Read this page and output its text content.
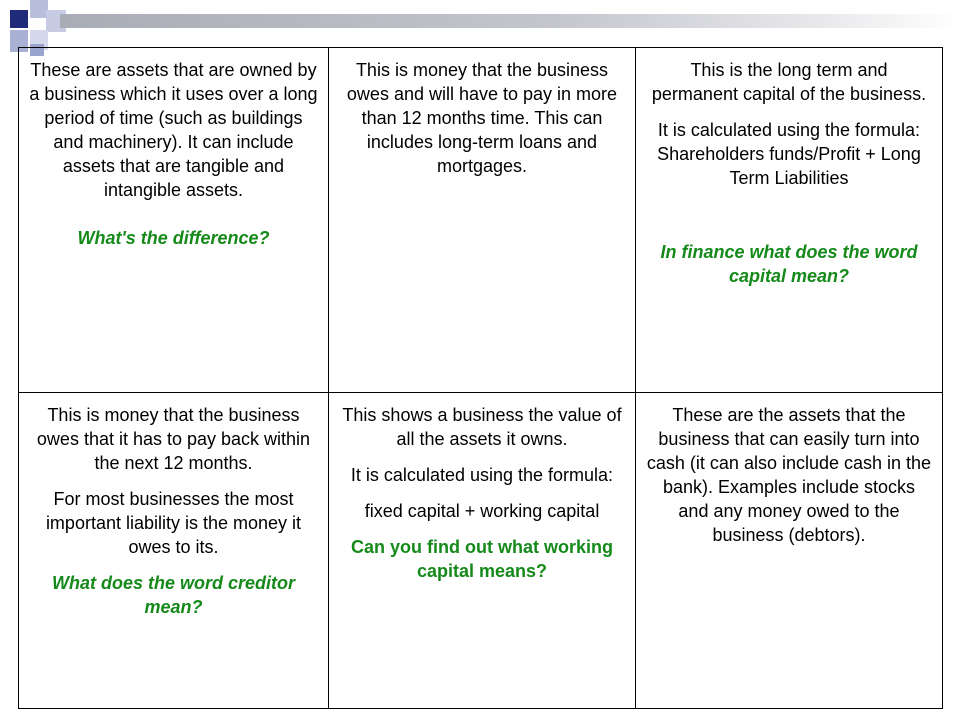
These are assets that are owned by a business which it uses over a long period of time (such as buildings and machinery). It can include assets that are tangible and intangible assets.

What's the difference?

This is money that the business owes and will have to pay in more than 12 months time. This can includes long-term loans and mortgages.

This is the long term and permanent capital of the business.

It is calculated using the formula:

Shareholders funds/Profit + Long Term Liabilities

In finance what does the word capital mean?

This is money that the business owes that it has to pay back within the next 12 months.

For most businesses the most important liability is the money it owes to its.

What does the word creditor mean?

This shows a business the value of all the assets it owns.

It is calculated using the formula:

fixed capital + working capital

Can you find out what working capital means?

These are the assets that the business that can easily turn into cash (it can also include cash in the bank). Examples include stocks and any money owed to the business (debtors).
